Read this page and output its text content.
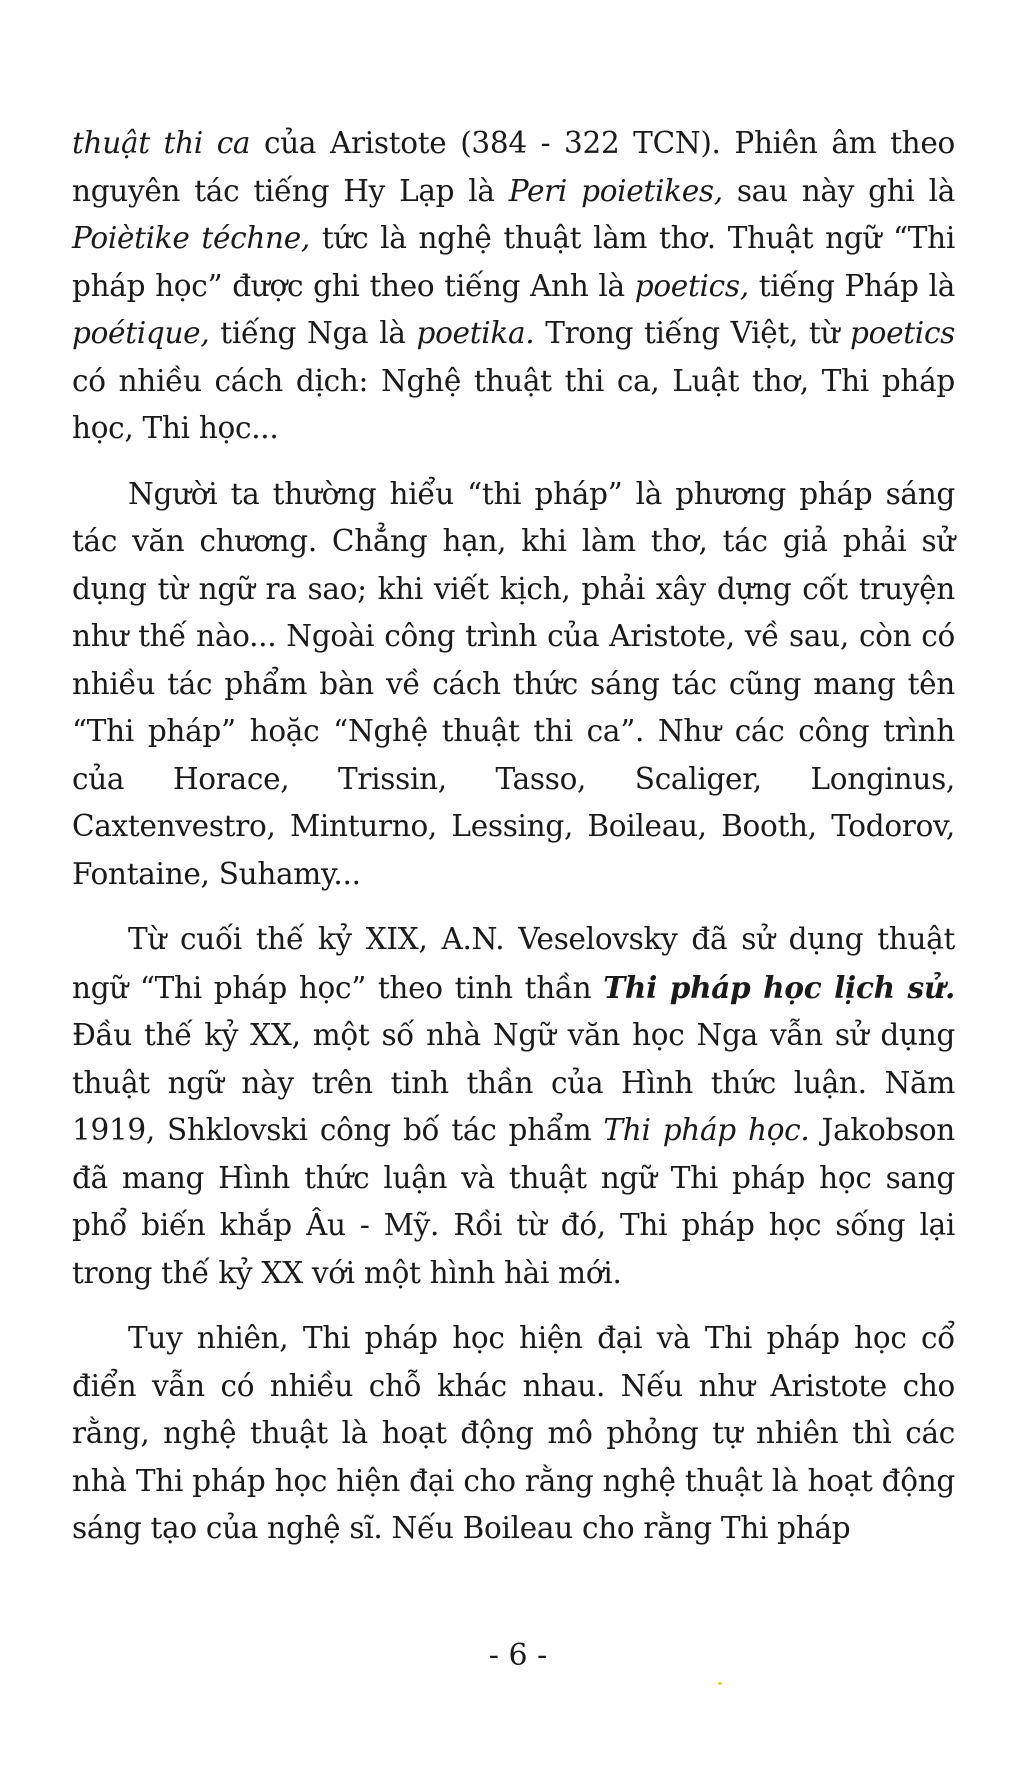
thuật thi ca của Aristote (384 - 322 TCN). Phiên âm theo nguyên tác tiếng Hy Lạp là Peri poietikes, sau này ghi là Poiètike téchne, tức là nghệ thuật làm thơ. Thuật ngữ “Thi pháp học” được ghi theo tiếng Anh là poetics, tiếng Pháp là poétique, tiếng Nga là poetika. Trong tiếng Việt, từ poetics có nhiều cách dịch: Nghệ thuật thi ca, Luật thơ, Thi pháp học, Thi học...

Người ta thường hiểu “thi pháp” là phương pháp sáng tác văn chương. Chẳng hạn, khi làm thơ, tác giả phải sử dụng từ ngữ ra sao; khi viết kịch, phải xây dựng cốt truyện như thế nào... Ngoài công trình của Aristote, về sau, còn có nhiều tác phẩm bàn về cách thức sáng tác cũng mang tên “Thi pháp” hoặc “Nghệ thuật thi ca”. Như các công trình của Horace, Trissin, Tasso, Scaliger, Longinus, Caxtenvestro, Minturno, Lessing, Boileau, Booth, Todorov, Fontaine, Suhamy...

Từ cuối thế kỷ XIX, A.N. Veselovsky đã sử dụng thuật ngữ “Thi pháp học” theo tinh thần Thi pháp học lịch sử. Đầu thế kỷ XX, một số nhà Ngữ văn học Nga vẫn sử dụng thuật ngữ này trên tinh thần của Hình thức luận. Năm 1919, Shklovski công bố tác phẩm Thi pháp học. Jakobson đã mang Hình thức luận và thuật ngữ Thi pháp học sang phổ biến khắp Âu - Mỹ. Rồi từ đó, Thi pháp học sống lại trong thế kỷ XX với một hình hài mới.

Tuy nhiên, Thi pháp học hiện đại và Thi pháp học cổ điển vẫn có nhiều chỗ khác nhau. Nếu như Aristote cho rằng, nghệ thuật là hoạt động mô phỏng tự nhiên thì các nhà Thi pháp học hiện đại cho rằng nghệ thuật là hoạt động sáng tạo của nghệ sĩ. Nếu Boileau cho rằng Thi pháp

- 6 -
